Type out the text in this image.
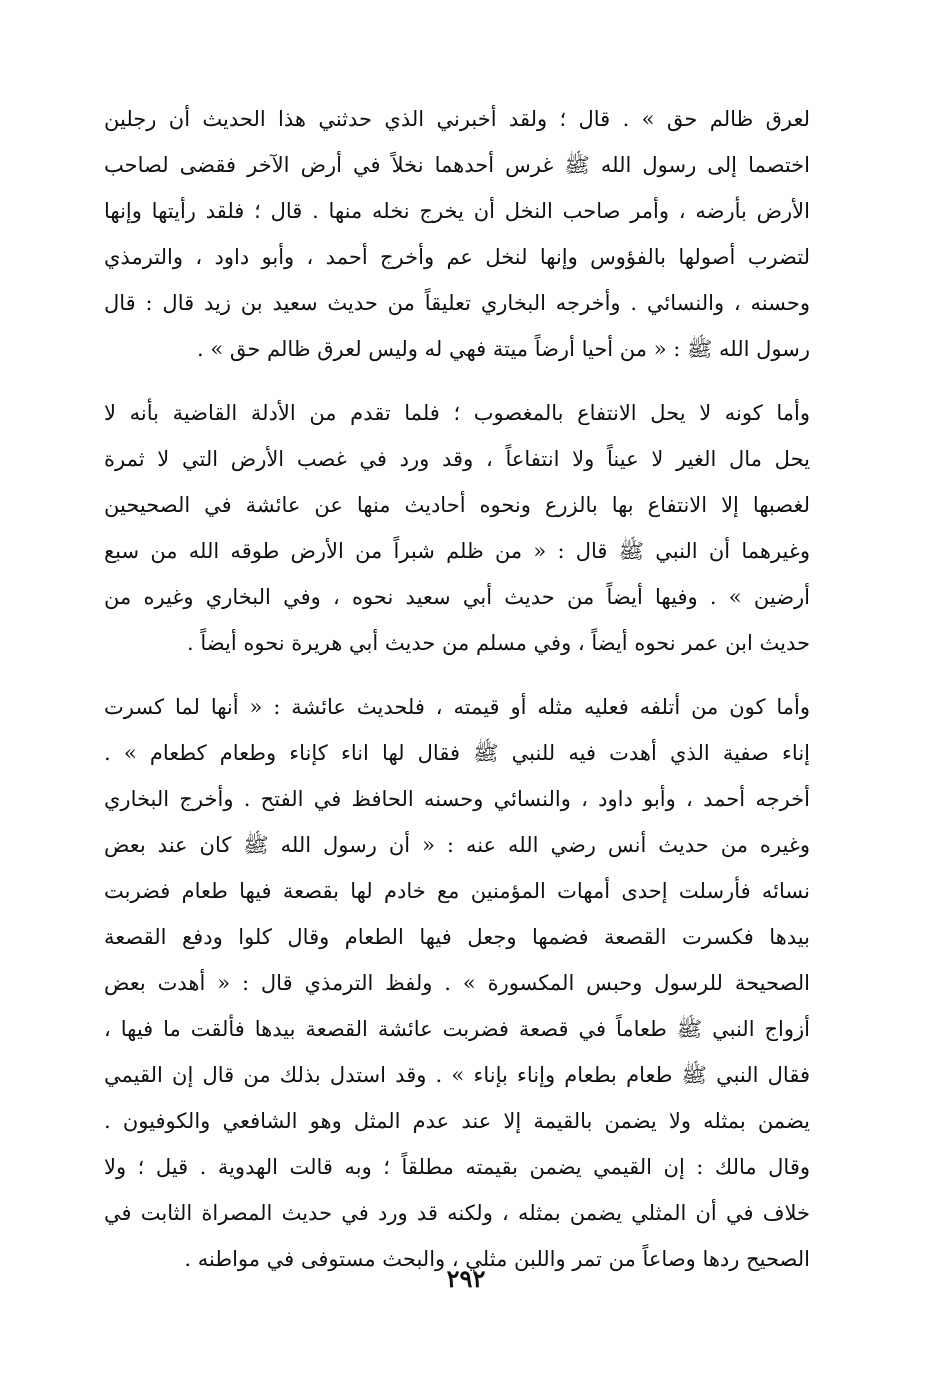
لعرق ظالم حق » . قال ؛ ولقد أخبرني الذي حدثني هذا الحديث أن رجلين
اختصما إلى رسول الله ﷺ غرس أحدهما نخلاً في أرض الآخر فقضى لصاحب
الأرض بأرضه ، وأمر صاحب النخل أن يخرج نخله منها . قال ؛ فلقد رأيتها وإنها
لتضرب أصولها بالفؤوس وإنها لنخل عم وأخرج أحمد ، وأبو داود ، والترمذي
وحسنه ، والنسائي . وأخرجه البخاري تعليقاً من حديث سعيد بن زيد قال : قال
رسول الله ﷺ : « من أحيا أرضاً ميتة فهي له وليس لعرق ظالم حق » .
وأما كونه لا يحل الانتفاع بالمغصوب ؛ فلما تقدم من الأدلة القاضية بأنه لا
يحل مال الغير لا عيناً ولا انتفاعاً ، وقد ورد في غصب الأرض التي لا ثمرة
لغصبها إلا الانتفاع بها بالزرع ونحوه أحاديث منها عن عائشة في الصحيحين
وغيرهما أن النبي ﷺ قال : « من ظلم شبراً من الأرض طوقه الله من سبع
أرضين » . وفيها أيضاً من حديث أبي سعيد نحوه ، وفي البخاري وغيره من
حديث ابن عمر نحوه أيضاً ، وفي مسلم من حديث أبي هريرة نحوه أيضاً .
وأما كون من أتلفه فعليه مثله أو قيمته ، فلحديث عائشة : « أنها لما كسرت
إناء صفية الذي أهدت فيه للنبي ﷺ فقال لها اناء كإناء وطعام كطعام » .
أخرجه أحمد ، وأبو داود ، والنسائي وحسنه الحافظ في الفتح . وأخرج البخاري
وغيره من حديث أنس رضي الله عنه : « أن رسول الله ﷺ كان عند بعض
نسائه فأرسلت إحدى أمهات المؤمنين مع خادم لها بقصعة فيها طعام فضربت
بيدها فكسرت القصعة فضمها وجعل فيها الطعام وقال كلوا ودفع القصعة
الصحيحة للرسول وحبس المكسورة » . ولفظ الترمذي قال : « أهدت بعض
أزواج النبي ﷺ طعاماً في قصعة فضربت عائشة القصعة بيدها فألقت ما فيها ،
فقال النبي ﷺ طعام بطعام وإناء بإناء » . وقد استدل بذلك من قال إن القيمي
يضمن بمثله ولا يضمن بالقيمة إلا عند عدم المثل وهو الشافعي والكوفيون .
وقال مالك : إن القيمي يضمن بقيمته مطلقاً ؛ وبه قالت الهدوية . قيل ؛ ولا
خلاف في أن المثلي يضمن بمثله ، ولكنه قد ورد في حديث المصراة الثابت في
الصحيح ردها وصاعاً من تمر واللبن مثلي ، والبحث مستوفى في مواطنه .
٢٩٢
